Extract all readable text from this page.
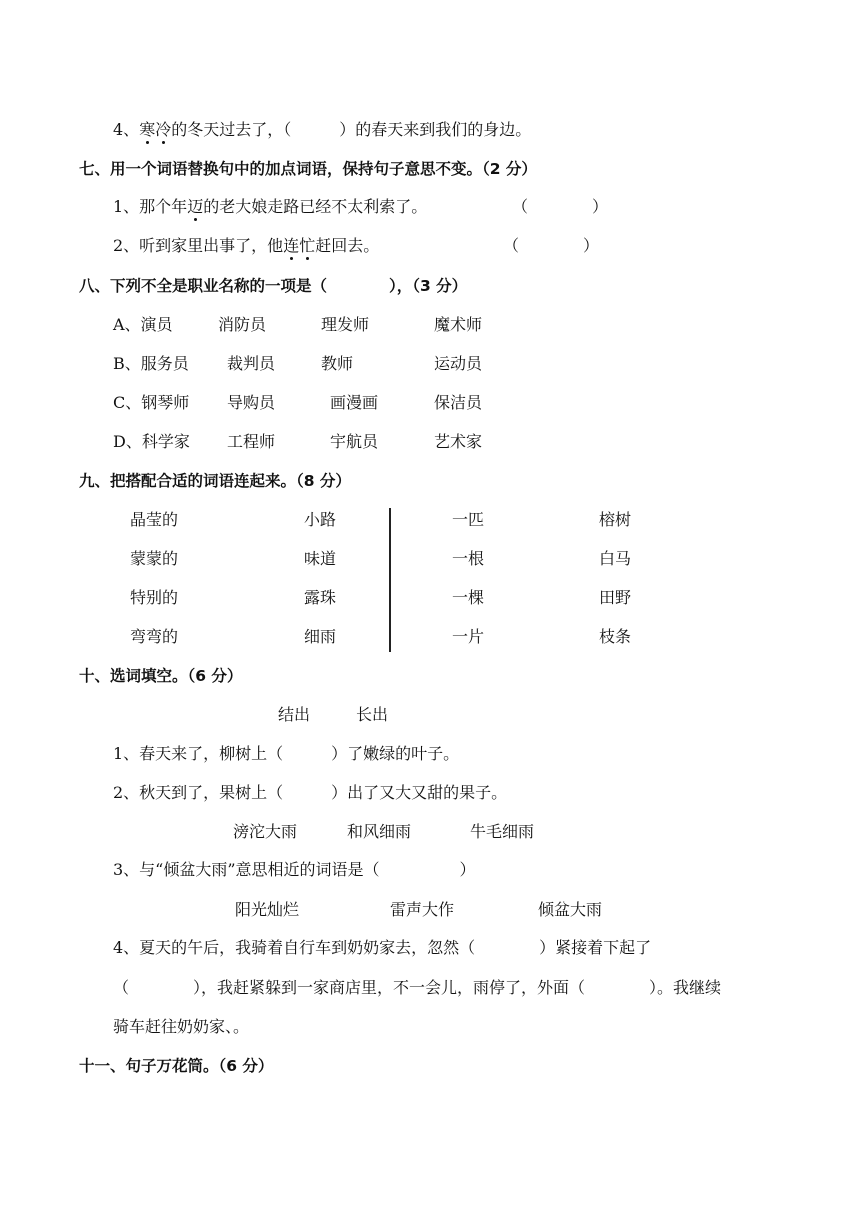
4、寒冷的冬天过去了，（　　　）的春天来到我们的身边。
七、用一个词语替换句中的加点词语，保持句子意思不变。（2 分）
1、那个年迈的老大娘走路已经不太利索了。	（　　　　）
2、听到家里出事了，他连忙赶回去。	（　　　　）
八、下列不全是职业名称的一项是（　　　　），（3 分）
A、演员	消防员	理发师	魔术师
B、服务员 裁判员	教师	运动员
C、钢琴师 导购员	画漫画	保洁员
D、科学家 工程师	宇航员	艺术家
九、把搭配合适的词语连起来。（8 分）
晶莹的	小路	一匹	榕树
蒙蒙的	味道	一根	白马
特别的	露珠	一棵	田野
弯弯的	细雨	一片	枝条
十、选词填空。（6 分）
结出	长出
1、春天来了，柳树上（　　　）了嫩绿的叶子。
2、秋天到了，果树上（　　　）出了又大又甜的果子。
滂沱大雨	和风细雨	牛毛细雨
3、与“倾盆大雨”意思相近的词语是（　　　　　）
阳光灿烂	雷声大作	倾盆大雨
4、夏天的午后，我骑着自行车到奶奶家去，忽然（　　　　）紧接着下起了
（　　　　），我赶紧躲到一家商店里，不一会儿，雨停了，外面（　　　　）。我继续
骑车赶往奶奶家、。
十一、句子万花筒。（6 分）
